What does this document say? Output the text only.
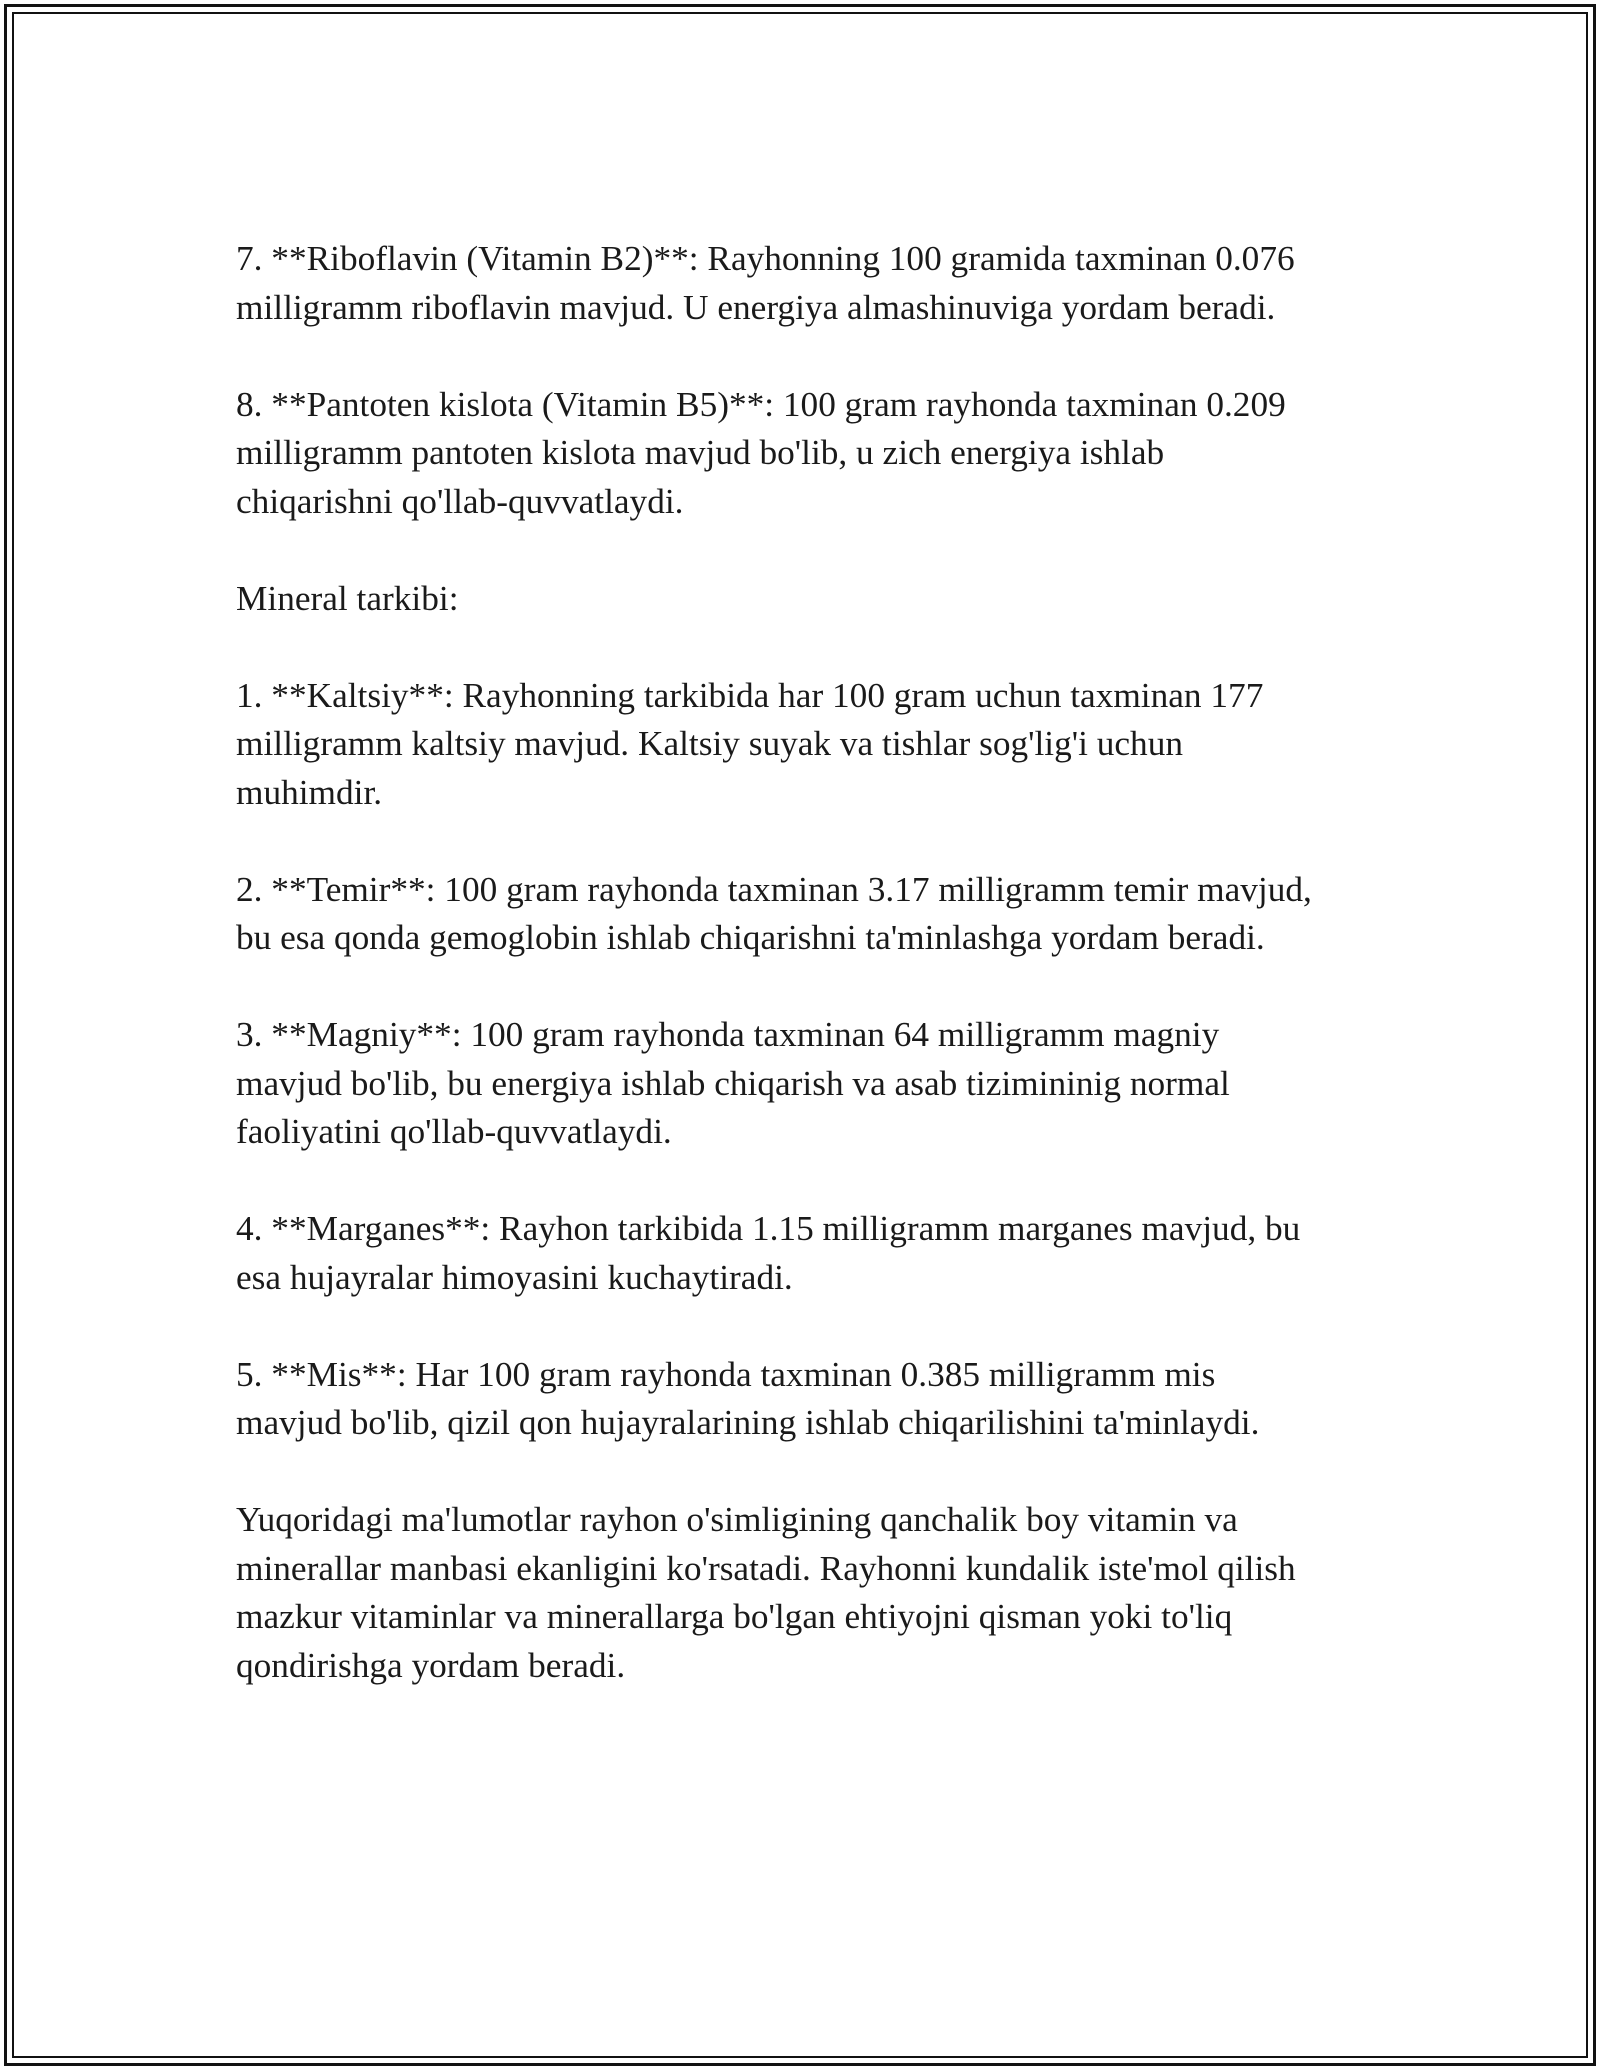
7. **Riboflavin (Vitamin B2)**: Rayhonning 100 gramida taxminan 0.076
milligramm riboflavin mavjud. U energiya almashinuviga yordam beradi.

8. **Pantoten kislota (Vitamin B5)**: 100 gram rayhonda taxminan 0.209
milligramm pantoten kislota mavjud bo'lib, u zich energiya ishlab
chiqarishni qo'llab-quvvatlaydi.

Mineral tarkibi:

1. **Kaltsiy**: Rayhonning tarkibida har 100 gram uchun taxminan 177
milligramm kaltsiy mavjud. Kaltsiy suyak va tishlar sog'lig'i uchun
muhimdir.

2. **Temir**: 100 gram rayhonda taxminan 3.17 milligramm temir mavjud,
bu esa qonda gemoglobin ishlab chiqarishni ta'minlashga yordam beradi.

3. **Magniy**: 100 gram rayhonda taxminan 64 milligramm magniy
mavjud bo'lib, bu energiya ishlab chiqarish va asab tizimininig normal
faoliyatini qo'llab-quvvatlaydi.

4. **Marganes**: Rayhon tarkibida 1.15 milligramm marganes mavjud, bu
esa hujayralar himoyasini kuchaytiradi.

5. **Mis**: Har 100 gram rayhonda taxminan 0.385 milligramm mis
mavjud bo'lib, qizil qon hujayralarining ishlab chiqarilishini ta'minlaydi.

Yuqoridagi ma'lumotlar rayhon o'simligining qanchalik boy vitamin va
minerallar manbasi ekanligini ko'rsatadi. Rayhonni kundalik iste'mol qilish
mazkur vitaminlar va minerallarga bo'lgan ehtiyojni qisman yoki to'liq
qondirishga yordam beradi.
